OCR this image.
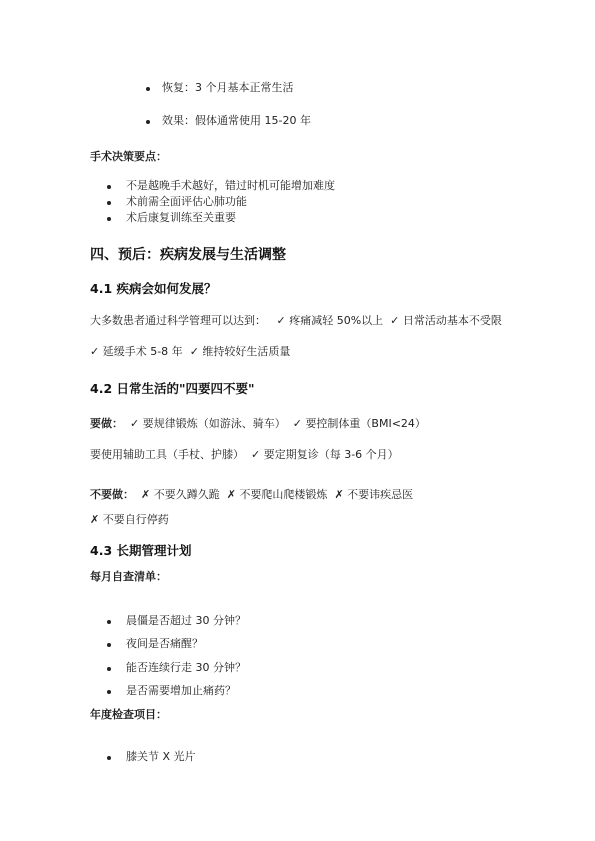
恢复：3 个月基本正常生活
效果：假体通常使用 15-20 年
手术决策要点：
不是越晚手术越好，错过时机可能增加难度
术前需全面评估心肺功能
术后康复训练至关重要
四、预后：疾病发展与生活调整
4.1 疾病会如何发展？
大多数患者通过科学管理可以达到： ✓ 疼痛减轻 50%以上 ✓ 日常活动基本不受限
✓ 延缓手术 5-8 年 ✓ 维持较好生活质量
4.2 日常生活的"四要四不要"
要做： ✓ 要规律锻炼（如游泳、骑车） ✓ 要控制体重（BMI<24）
要使用辅助工具（手杖、护膝） ✓ 要定期复诊（每 3-6 个月）
不要做： ✗ 不要久蹲久跪 ✗ 不要爬山爬楼锻炼 ✗ 不要讳疾忌医
✗ 不要自行停药
4.3 长期管理计划
每月自查清单：
晨僵是否超过 30 分钟？
夜间是否痛醒？
能否连续行走 30 分钟？
是否需要增加止痛药？
年度检查项目：
膝关节 X 光片
